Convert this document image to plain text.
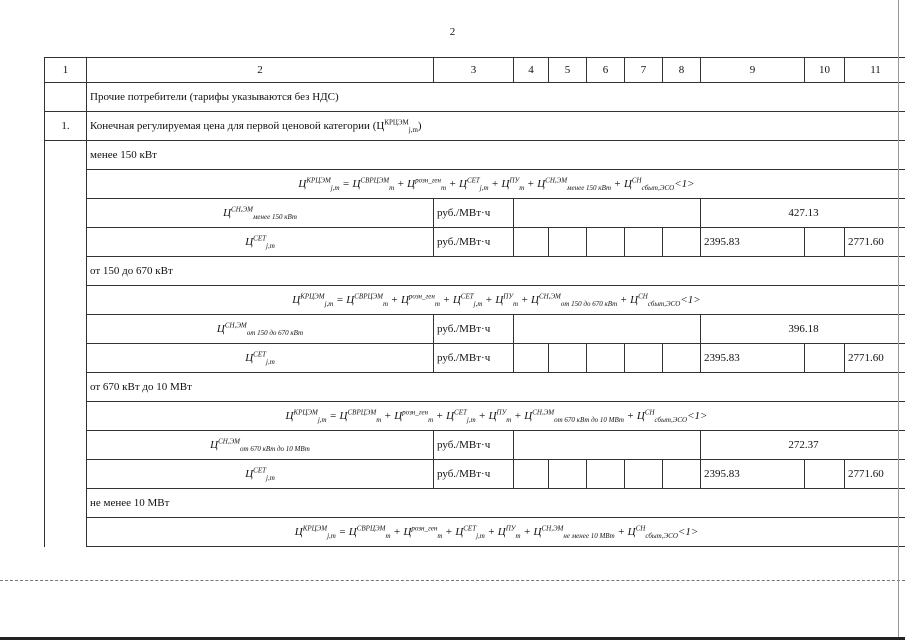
2
1	2	3	4	5	6	7	8	9	10	11
	Прочие потребители (тарифы указываются без НДС)									
1.	Конечная регулируемая цена для первой ценовой категории $(Ц^{КРЦЭМ}_{j,m})$									
	менее 150 кВт									
	$Ц^{КРЦЭМ}_{j,m} = Ц^{СВРЦЭМ}_m + Ц^{розн\_ген}_m + Ц^{СЕТ}_{j,m} + Ц^{ПУ}_m + Ц^{СН,ЭМ}_{менее 150 кВт} + Ц^{СН}_{сбыт,ЭСО}<1>$									
	$Ц^{СН,ЭМ}_{менее 150 кВт}$	руб./МВт·ч						427.13		
	$Ц^{СЕТ}_{j,m}$	руб./МВт·ч						2395.83		2771.60
	от 150 до 670 кВт									
	$Ц^{КРЦЭМ}_{j,m} = Ц^{СВРЦЭМ}_m + Ц^{розн\_ген}_m + Ц^{СЕТ}_{j,m} + Ц^{ПУ}_m + Ц^{СН,ЭМ}_{от 150 до 670 кВт} + Ц^{СН}_{сбыт,ЭСО}<1>$									
	$Ц^{СН,ЭМ}_{от 150 до 670 кВт}$	руб./МВт·ч						396.18		
	$Ц^{СЕТ}_{j,m}$	руб./МВт·ч						2395.83		2771.60
	от 670 кВт до 10 МВт									
	$Ц^{КРЦЭМ}_{j,m} = Ц^{СВРЦЭМ}_m + Ц^{розн\_ген}_m + Ц^{СЕТ}_{j,m} + Ц^{ПУ}_m + Ц^{СН,ЭМ}_{от 670 кВт до 10 МВт} + Ц^{СН}_{сбыт,ЭСО}<1>$									
	$Ц^{СН,ЭМ}_{от 670 кВт до 10 МВт}$	руб./МВт·ч						272.37		
	$Ц^{СЕТ}_{j,m}$	руб./МВт·ч						2395.83		2771.60
	не менее 10 МВт									
	$Ц^{КРЦЭМ}_{j,m} = Ц^{СВРЦЭМ}_m + Ц^{розн\_ген}_m + Ц^{СЕТ}_{j,m} + Ц^{ПУ}_m + Ц^{СН,ЭМ}_{не менее 10 МВт} + Ц^{СН}_{сбыт,ЭСО}<1>$									
